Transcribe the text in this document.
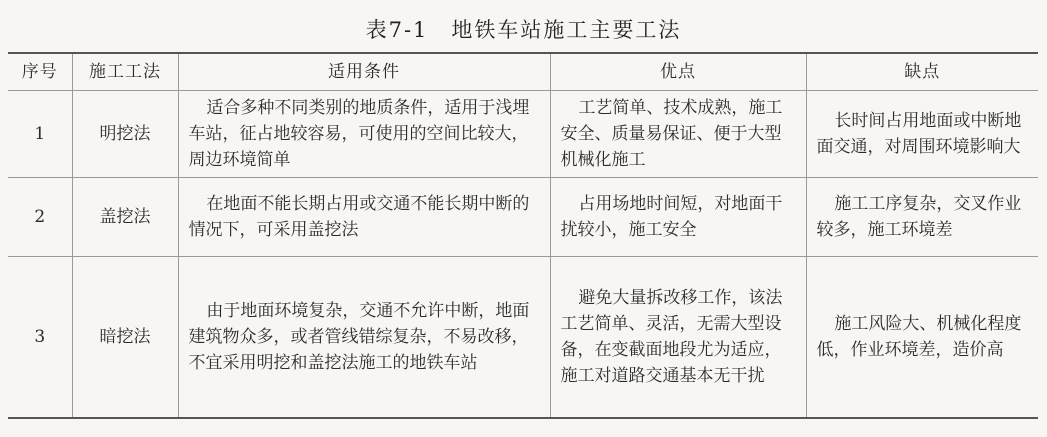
表7-1　地铁车站施工主要工法
序号	施工工法	适用条件	优点	缺点
1	明挖法	适合多种不同类别的地质条件，适用于浅埋车站，征占地较容易，可使用的空间比较大，周边环境简单	工艺简单、技术成熟，施工安全、质量易保证、便于大型机械化施工	长时间占用地面或中断地面交通，对周围环境影响大
2	盖挖法	在地面不能长期占用或交通不能长期中断的情况下，可采用盖挖法	占用场地时间短，对地面干扰较小，施工安全	施工工序复杂，交叉作业较多，施工环境差
3	暗挖法	由于地面环境复杂，交通不允许中断，地面建筑物众多，或者管线错综复杂，不易改移，不宜采用明挖和盖挖法施工的地铁车站	避免大量拆改移工作，该法工艺简单、灵活，无需大型设备，在变截面地段尤为适应，施工对道路交通基本无干扰	施工风险大、机械化程度低，作业环境差，造价高
